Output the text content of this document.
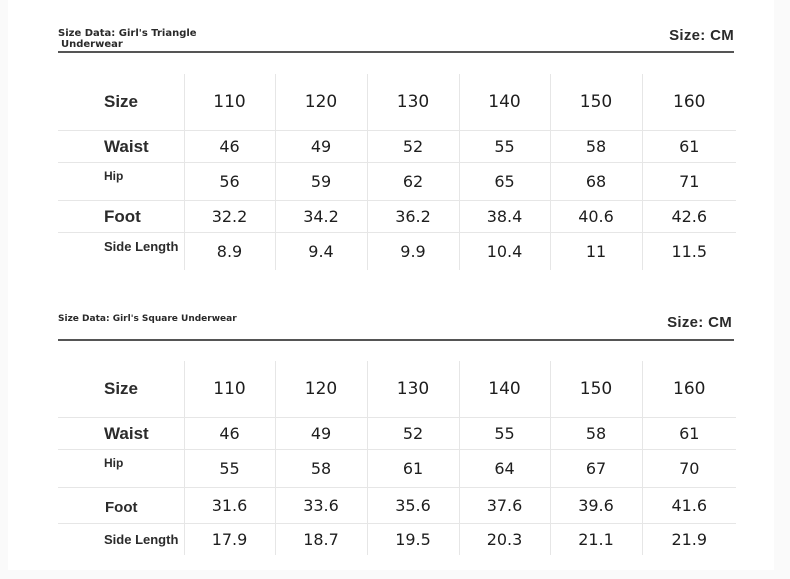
Size Data: Girl's Triangle
Underwear
Size: CM
Size	110	120	130	140	150	160
Waist	46	49	52	55	58	61
Hip	56	59	62	65	68	71
Foot	32.2	34.2	36.2	38.4	40.6	42.6
Side Length	8.9	9.4	9.9	10.4	11	11.5
Size Data: Girl's Square Underwear	Size: CM
Size	110	120	130	140	150	160
Waist	46	49	52	55	58	61
Hip	55	58	61	64	67	70
Foot	31.6	33.6	35.6	37.6	39.6	41.6
Side Length	17.9	18.7	19.5	20.3	21.1	21.9
